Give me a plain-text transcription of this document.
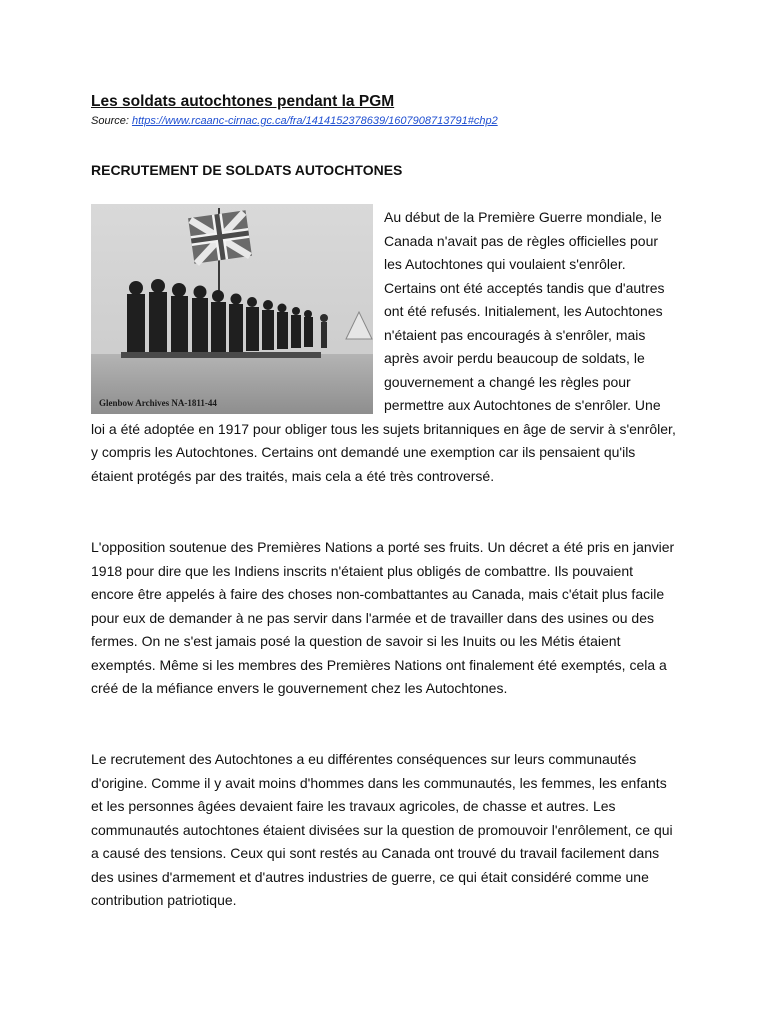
Les soldats autochtones pendant la PGM
Source: https://www.rcaanc-cirnac.gc.ca/fra/1414152378639/1607908713791#chp2
RECRUTEMENT DE SOLDATS AUTOCHTONES
Glenbow Archives NA-1811-44

Au début de la Première Guerre mondiale, le Canada n'avait pas de règles officielles pour les Autochtones qui voulaient s'enrôler. Certains ont été acceptés tandis que d'autres ont été refusés. Initialement, les Autochtones n'étaient pas encouragés à s'enrôler, mais après avoir perdu beaucoup de soldats, le gouvernement a changé les règles pour permettre aux Autochtones de s'enrôler. Une loi a été adoptée en 1917 pour obliger tous les sujets britanniques en âge de servir à s'enrôler, y compris les Autochtones. Certains ont demandé une exemption car ils pensaient qu'ils étaient protégés par des traités, mais cela a été très controversé.

L'opposition soutenue des Premières Nations a porté ses fruits. Un décret a été pris en janvier 1918 pour dire que les Indiens inscrits n'étaient plus obligés de combattre. Ils pouvaient encore être appelés à faire des choses non-combattantes au Canada, mais c'était plus facile pour eux de demander à ne pas servir dans l'armée et de travailler dans des usines ou des fermes. On ne s'est jamais posé la question de savoir si les Inuits ou les Métis étaient exemptés. Même si les membres des Premières Nations ont finalement été exemptés, cela a créé de la méfiance envers le gouvernement chez les Autochtones.

Le recrutement des Autochtones a eu différentes conséquences sur leurs communautés d'origine. Comme il y avait moins d'hommes dans les communautés, les femmes, les enfants et les personnes âgées devaient faire les travaux agricoles, de chasse et autres. Les communautés autochtones étaient divisées sur la question de promouvoir l'enrôlement, ce qui a causé des tensions. Ceux qui sont restés au Canada ont trouvé du travail facilement dans des usines d'armement et d'autres industries de guerre, ce qui était considéré comme une contribution patriotique.
